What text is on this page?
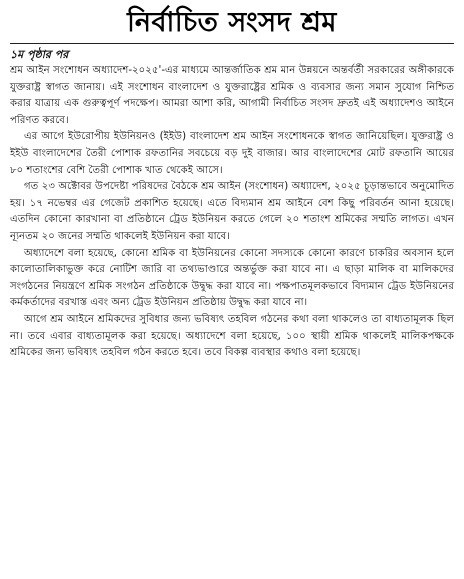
নির্বাচিত সংসদ শ্রম
১ম পৃষ্ঠার পর

শ্রম আইন সংশোধন অধ্যাদেশ-২০২৫'-এর মাধ্যমে আন্তর্জাতিক শ্রম মান উন্নয়নে অন্তর্বর্তী সরকারের অঙ্গীকারকে যুক্তরাষ্ট্র স্বাগত জানায়। এই সংশোধন বাংলাদেশ ও যুক্তরাষ্ট্রের শ্রমিক ও ব্যবসার জন্য সমান সুযোগ নিশ্চিত করার যাত্রায় এক গুরুত্বপূর্ণ পদক্ষেপ। আমরা আশা করি, আগামী নির্বাচিত সংসদ দ্রুতই এই অধ্যাদেশও আইনে পরিণত করবে।

এর আগে ইউরোপীয় ইউনিয়নও (ইইউ) বাংলাদেশ শ্রম আইন সংশোধনকে স্বাগত জানিয়েছিল। যুক্তরাষ্ট্র ও ইইউ বাংলাদেশের তৈরী পোশাক রফতানির সবচেয়ে বড় দুই বাজার। আর বাংলাদেশের মোট রফতানি আয়ের ৮০ শতাংশের বেশি তৈরী পোশাক খাত থেকেই আসে।

গত ২৩ অক্টোবর উপদেষ্টা পরিষদের বৈঠকে শ্রম আইন (সংশোধন) অধ্যাদেশ, ২০২৫ চূড়ান্তভাবে অনুমোদিত হয়। ১৭ নভেম্বর এর গেজেট প্রকাশিত হয়েছে। এতে বিদ্যমান শ্রম আইনে বেশ কিছু পরিবর্তন আনা হয়েছে। এতদিন কোনো কারখানা বা প্রতিষ্ঠানে ট্রেড ইউনিয়ন করতে গেলে ২০ শতাংশ শ্রমিকের সম্মতি লাগত। এখন ন্যূনতম ২০ জনের সম্মতি থাকলেই ইউনিয়ন করা যাবে।

অধ্যাদেশে বলা হয়েছে, কোনো শ্রমিক বা ইউনিয়নের কোনো সদস্যকে কোনো কারণে চাকরির অবসান হলে কালোতালিকাভুক্ত করে নোটিশ জারি বা তথ্যভাণ্ডারে অন্তর্ভুক্ত করা যাবে না। এ ছাড়া মালিক বা মালিকদের সংগঠনের নিয়ন্ত্রণে শ্রমিক সংগঠন প্রতিষ্ঠাকে উদ্বুদ্ধ করা যাবে না। পক্ষপাতমূলকভাবে বিদ্যমান ট্রেড ইউনিয়নের কর্মকর্তাদের বরখাস্ত এবং অন্য ট্রেড ইউনিয়ন প্রতিষ্ঠায় উদ্বুদ্ধ করা যাবে না।

আগে শ্রম আইনে শ্রমিকদের সুবিধার জন্য ভবিষ্যৎ তহবিল গঠনের কথা বলা থাকলেও তা বাধ্যতামূলক ছিল না। তবে এবার বাধ্যতামূলক করা হয়েছে। অধ্যাদেশে বলা হয়েছে, ১০০ স্থায়ী শ্রমিক থাকলেই মালিকপক্ষকে শ্রমিকের জন্য ভবিষ্যৎ তহবিল গঠন করতে হবে। তবে বিকল্প ব্যবস্থার কথাও বলা হয়েছে।
